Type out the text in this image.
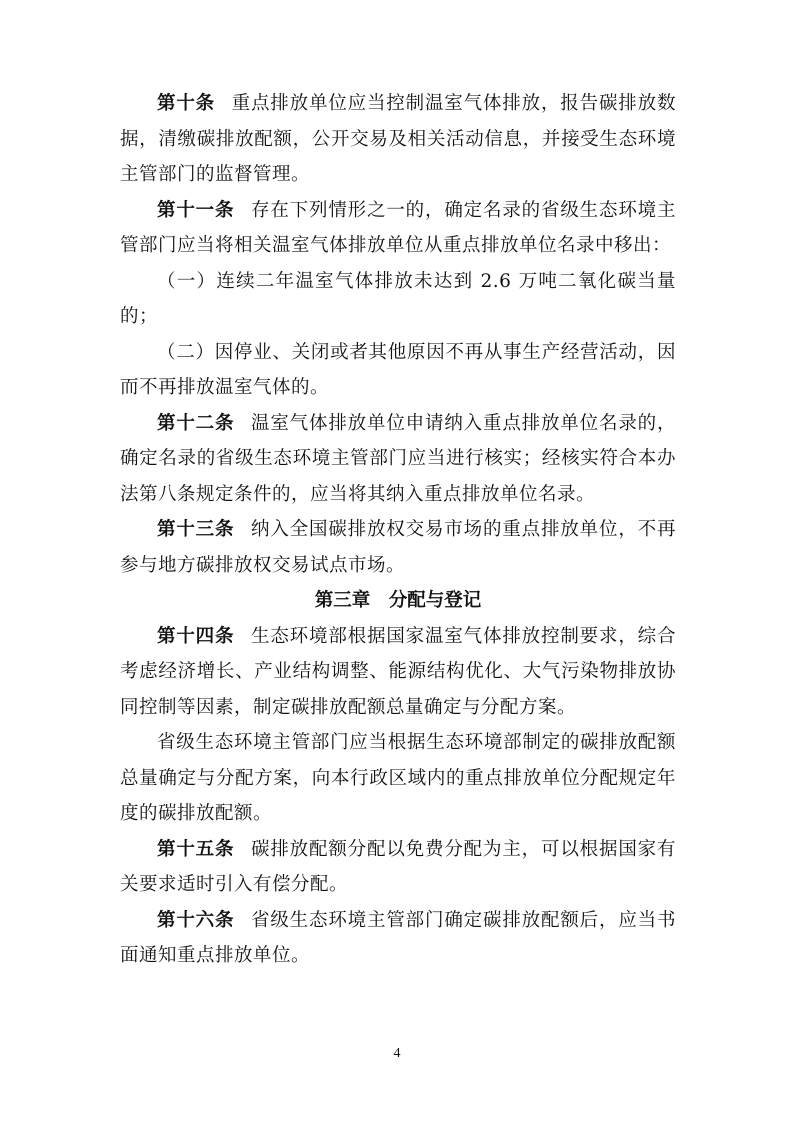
第十条 重点排放单位应当控制温室气体排放，报告碳排放数据，清缴碳排放配额，公开交易及相关活动信息，并接受生态环境主管部门的监督管理。

第十一条 存在下列情形之一的，确定名录的省级生态环境主管部门应当将相关温室气体排放单位从重点排放单位名录中移出：

（一）连续二年温室气体排放未达到 2.6 万吨二氧化碳当量的；

（二）因停业、关闭或者其他原因不再从事生产经营活动，因而不再排放温室气体的。

第十二条 温室气体排放单位申请纳入重点排放单位名录的，确定名录的省级生态环境主管部门应当进行核实；经核实符合本办法第八条规定条件的，应当将其纳入重点排放单位名录。

第十三条 纳入全国碳排放权交易市场的重点排放单位，不再参与地方碳排放权交易试点市场。

第三章　分配与登记

第十四条 生态环境部根据国家温室气体排放控制要求，综合考虑经济增长、产业结构调整、能源结构优化、大气污染物排放协同控制等因素，制定碳排放配额总量确定与分配方案。

省级生态环境主管部门应当根据生态环境部制定的碳排放配额总量确定与分配方案，向本行政区域内的重点排放单位分配规定年度的碳排放配额。

第十五条 碳排放配额分配以免费分配为主，可以根据国家有关要求适时引入有偿分配。

第十六条 省级生态环境主管部门确定碳排放配额后，应当书面通知重点排放单位。

4
